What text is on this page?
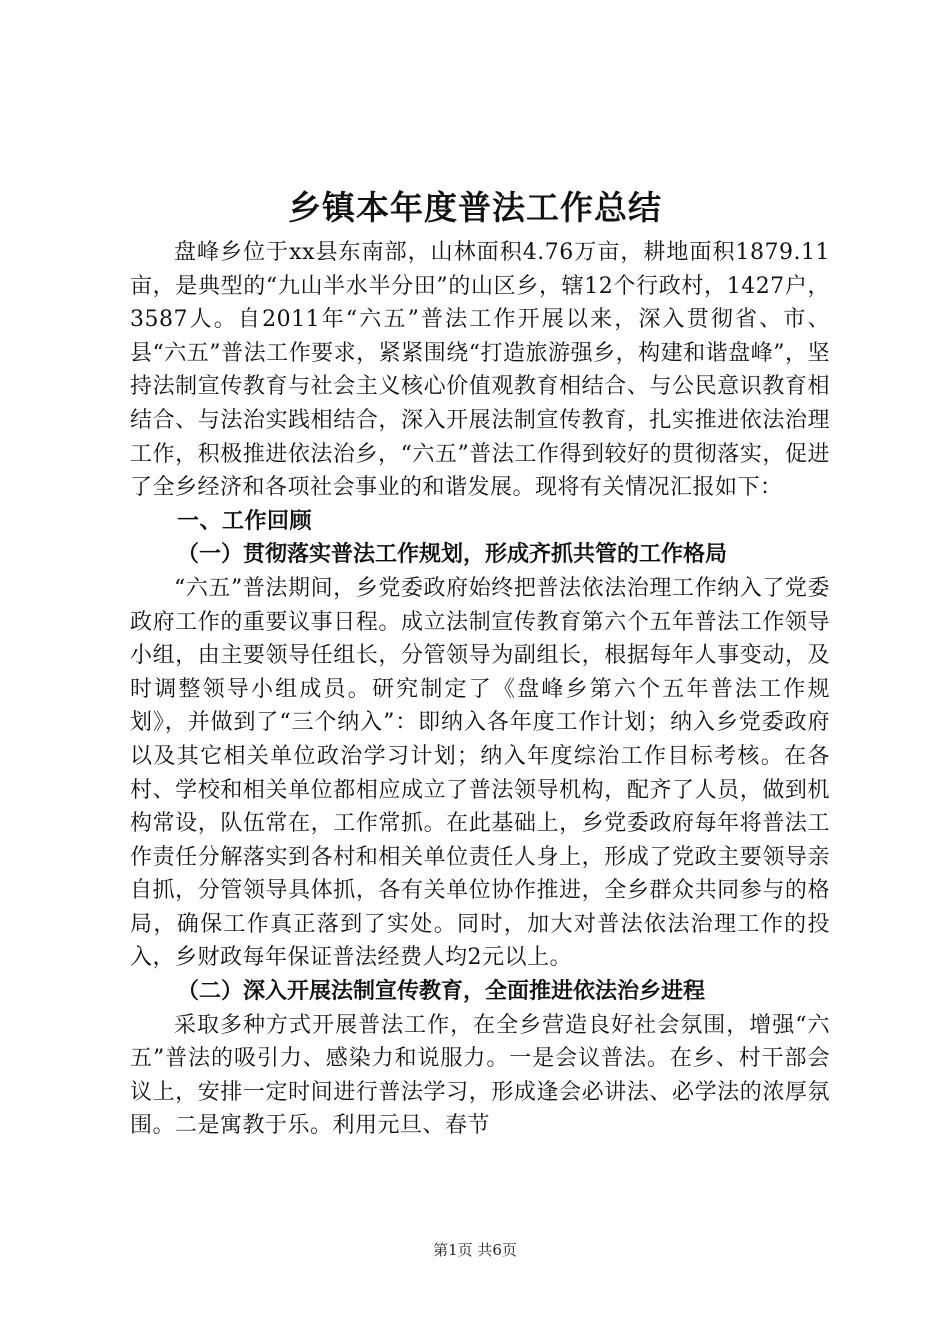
乡镇本年度普法工作总结

盘峰乡位于xx县东南部，山林面积4.76万亩，耕地面积1879.11亩，是典型的“九山半水半分田”的山区乡，辖12个行政村，1427户，3587人。自2011年“六五”普法工作开展以来，深入贯彻省、市、县“六五”普法工作要求，紧紧围绕“打造旅游强乡，构建和谐盘峰”，坚持法制宣传教育与社会主义核心价值观教育相结合、与公民意识教育相结合、与法治实践相结合，深入开展法制宣传教育，扎实推进依法治理工作，积极推进依法治乡，“六五”普法工作得到较好的贯彻落实，促进了全乡经济和各项社会事业的和谐发展。现将有关情况汇报如下：

一、工作回顾

（一）贯彻落实普法工作规划，形成齐抓共管的工作格局

“六五”普法期间，乡党委政府始终把普法依法治理工作纳入了党委政府工作的重要议事日程。成立法制宣传教育第六个五年普法工作领导小组，由主要领导任组长，分管领导为副组长，根据每年人事变动，及时调整领导小组成员。研究制定了《盘峰乡第六个五年普法工作规划》，并做到了“三个纳入”：即纳入各年度工作计划；纳入乡党委政府以及其它相关单位政治学习计划；纳入年度综治工作目标考核。在各村、学校和相关单位都相应成立了普法领导机构，配齐了人员，做到机构常设，队伍常在，工作常抓。在此基础上，乡党委政府每年将普法工作责任分解落实到各村和相关单位责任人身上，形成了党政主要领导亲自抓，分管领导具体抓，各有关单位协作推进，全乡群众共同参与的格局，确保工作真正落到了实处。同时，加大对普法依法治理工作的投入，乡财政每年保证普法经费人均2元以上。

（二）深入开展法制宣传教育，全面推进依法治乡进程

采取多种方式开展普法工作，在全乡营造良好社会氛围，增强“六五”普法的吸引力、感染力和说服力。一是会议普法。在乡、村干部会议上，安排一定时间进行普法学习，形成逢会必讲法、必学法的浓厚氛围。二是寓教于乐。利用元旦、春节

第1页 共6页
